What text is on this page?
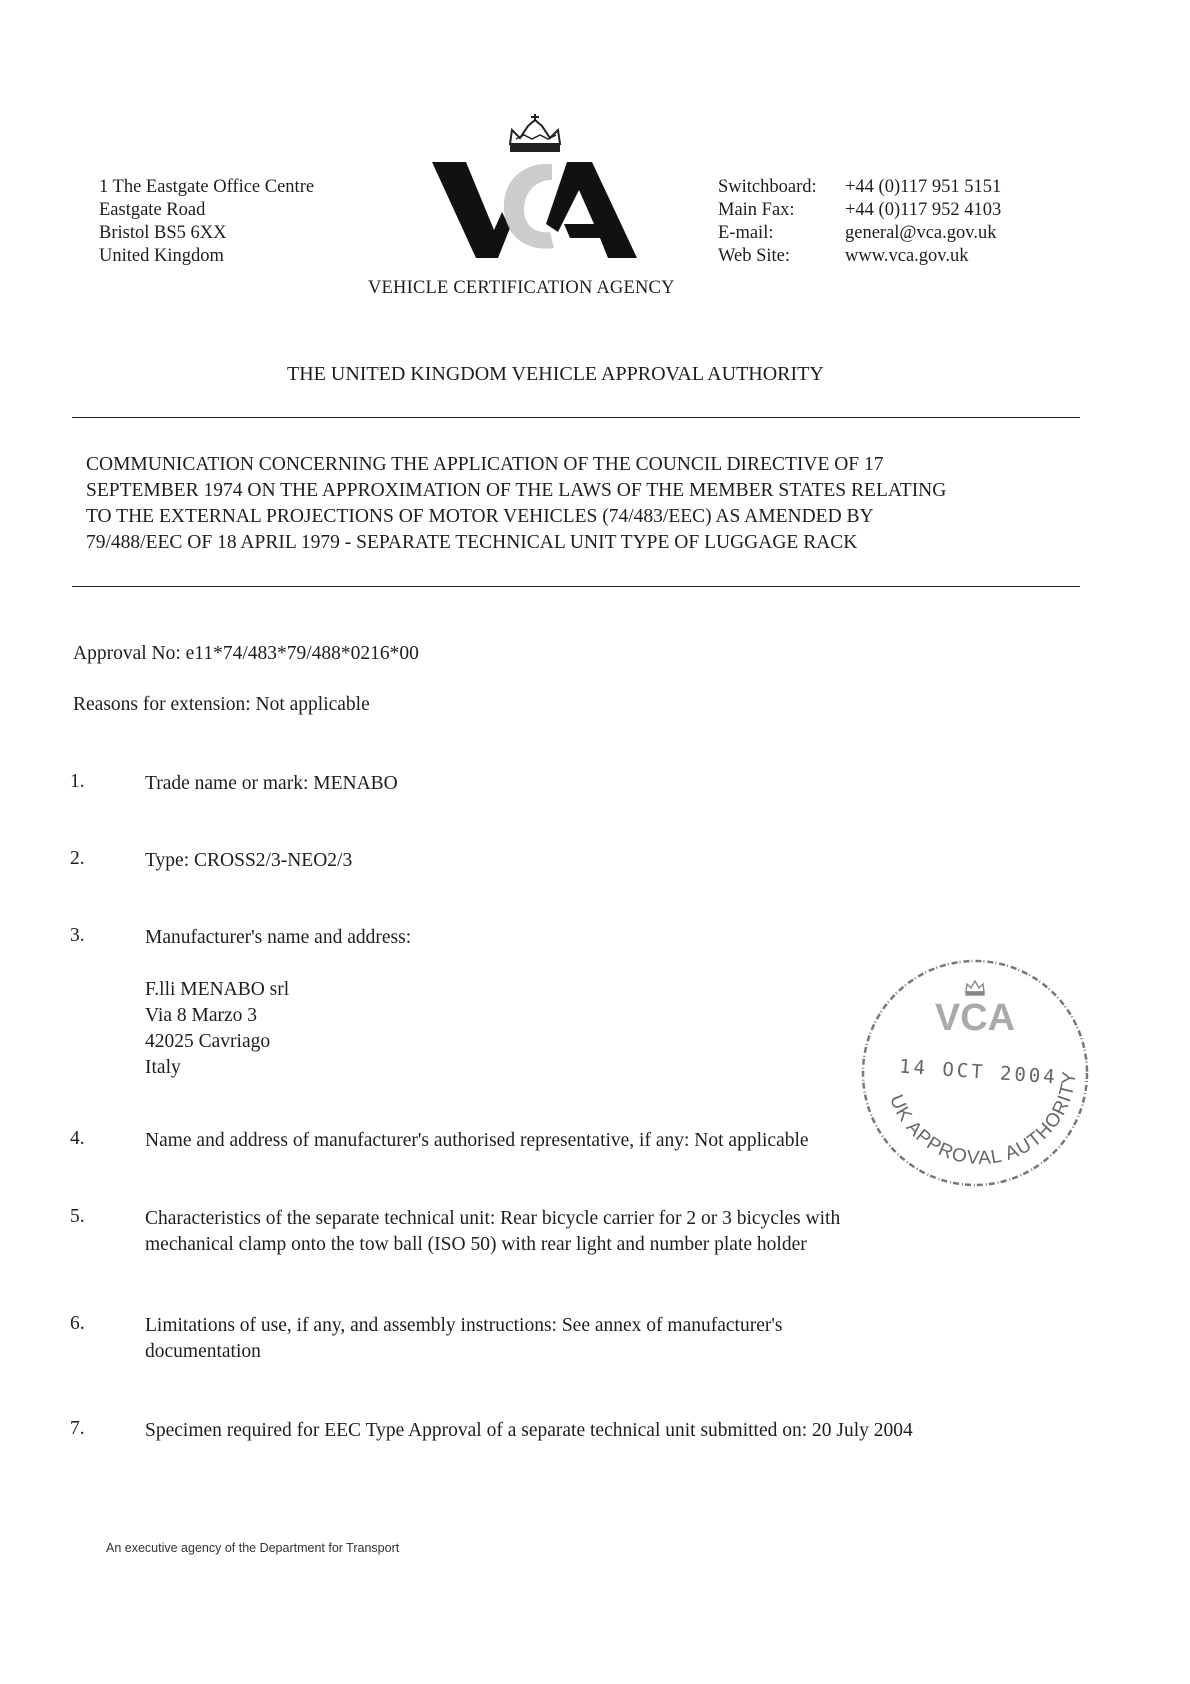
1 The Eastgate Office Centre
Eastgate Road
Bristol BS5 6XX
United Kingdom
VCA
Switchboard:	+44 (0)117 951 5151
Main Fax:	+44 (0)117 952 4103
E-mail:	general@vca.gov.uk
Web Site:	www.vca.gov.uk
VEHICLE CERTIFICATION AGENCY
THE UNITED KINGDOM VEHICLE APPROVAL AUTHORITY
COMMUNICATION CONCERNING THE APPLICATION OF THE COUNCIL DIRECTIVE OF 17
SEPTEMBER 1974 ON THE APPROXIMATION OF THE LAWS OF THE MEMBER STATES RELATING
TO THE EXTERNAL PROJECTIONS OF MOTOR VEHICLES (74/483/EEC) AS AMENDED BY
79/488/EEC OF 18 APRIL 1979 - SEPARATE TECHNICAL UNIT TYPE OF LUGGAGE RACK
Approval No: e11*74/483*79/488*0216*00
Reasons for extension: Not applicable
1.	Trade name or mark: MENABO
2.	Type: CROSS2/3-NEO2/3
3.	Manufacturer's name and address:
F.lli MENABO srl
Via 8 Marzo 3
42025 Cavriago
Italy
4.	Name and address of manufacturer's authorised representative, if any: Not applicable
5.	Characteristics of the separate technical unit: Rear bicycle carrier for 2 or 3 bicycles with
mechanical clamp onto the tow ball (ISO 50) with rear light and number plate holder
6.	Limitations of use, if any, and assembly instructions: See annex of manufacturer's
documentation
7.	Specimen required for EEC Type Approval of a separate technical unit submitted on: 20 July 2004
VCA
14 OCT 2004
UK APPROVAL AUTHORITY
An executive agency of the Department for Transport
